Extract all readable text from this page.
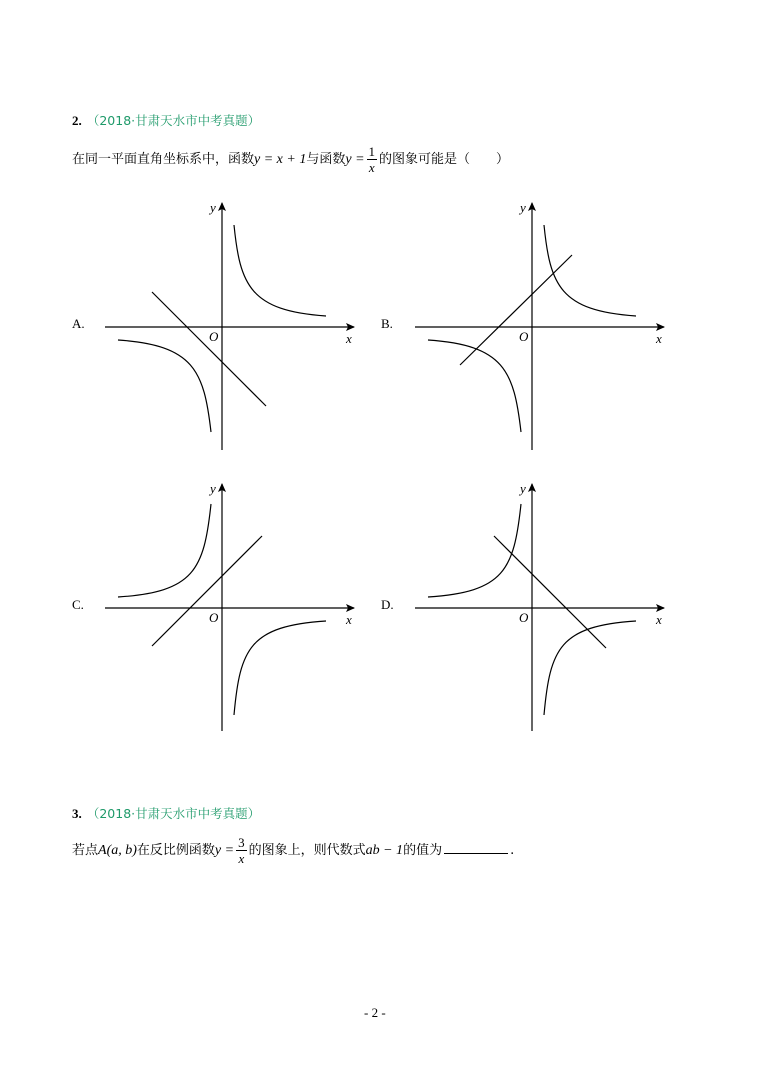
2. （2018·甘肃天水市中考真题）
在同一平面直角坐标系中，函数y = x + 1与函数$y = \frac{1}{x}$ 的图象可能是（　　）
A.	B.
C.	D.
y
x
O
y
x
O
y
x
O
y
x
O
3. （2018·甘肃天水市中考真题）
若点A(a, b)在反比例函数$y = \frac{3}{x}$ 的图象上，则代数式ab − 1的值为	.
- 2 -
